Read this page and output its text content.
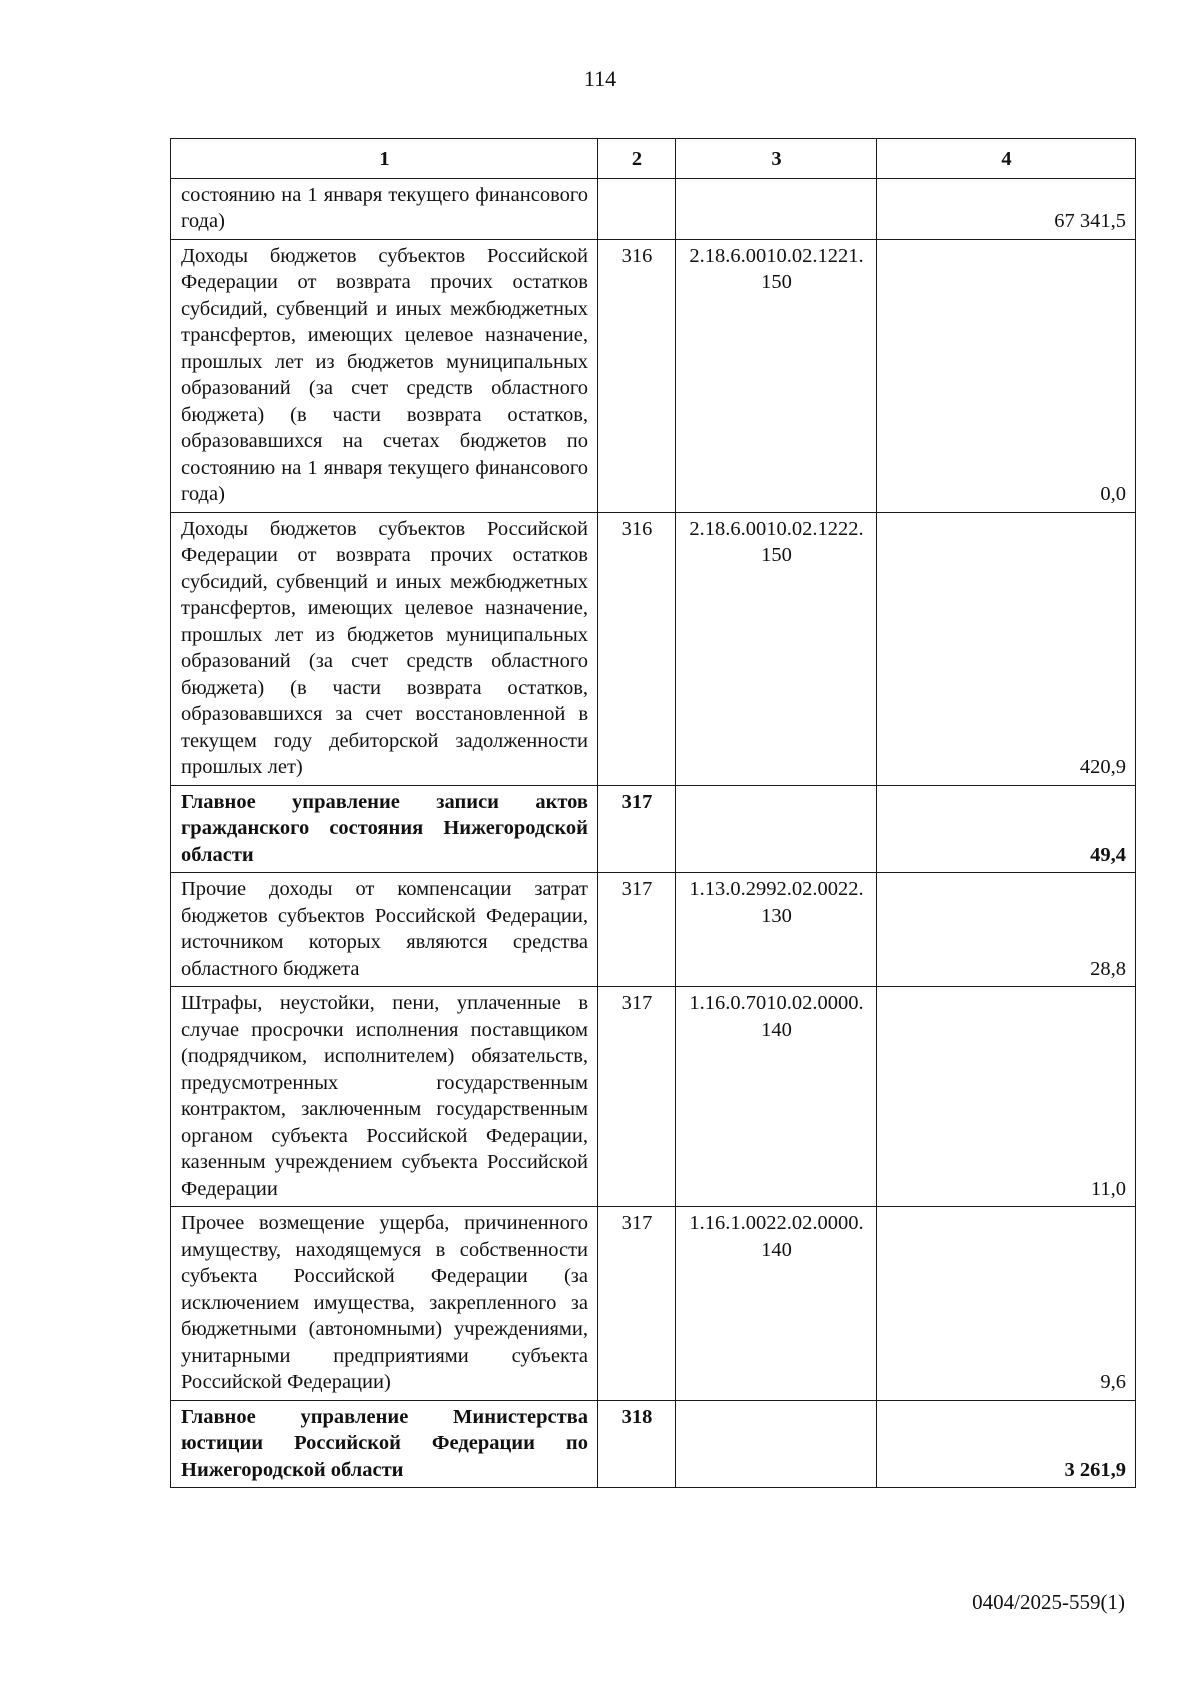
114
1	2	3	4
состоянию на 1 января текущего финансового года)			67 341,5
Доходы бюджетов субъектов Российской Федерации от возврата прочих остатков субсидий, субвенций и иных межбюджетных трансфертов, имеющих целевое назначение, прошлых лет из бюджетов муниципальных образований (за счет средств областного бюджета) (в части возврата остатков, образовавшихся на счетах бюджетов по состоянию на 1 января текущего финансового года)	316	2.18.6.0010.02.1221. 150	0,0
Доходы бюджетов субъектов Российской Федерации от возврата прочих остатков субсидий, субвенций и иных межбюджетных трансфертов, имеющих целевое назначение, прошлых лет из бюджетов муниципальных образований (за счет средств областного бюджета) (в части возврата остатков, образовавшихся за счет восстановленной в текущем году дебиторской задолженности прошлых лет)	316	2.18.6.0010.02.1222. 150	420,9
Главное управление записи актов гражданского состояния Нижегородской области	317		49,4
Прочие доходы от компенсации затрат бюджетов субъектов Российской Федерации, источником которых являются средства областного бюджета	317	1.13.0.2992.02.0022. 130	28,8
Штрафы, неустойки, пени, уплаченные в случае просрочки исполнения поставщиком (подрядчиком, исполнителем) обязательств, предусмотренных государственным контрактом, заключенным государственным органом субъекта Российской Федерации, казенным учреждением субъекта Российской Федерации	317	1.16.0.7010.02.0000. 140	11,0
Прочее возмещение ущерба, причиненного имуществу, находящемуся в собственности субъекта Российской Федерации (за исключением имущества, закрепленного за бюджетными (автономными) учреждениями, унитарными предприятиями субъекта Российской Федерации)	317	1.16.1.0022.02.0000. 140	9,6
Главное управление Министерства юстиции Российской Федерации по Нижегородской области	318		3 261,9
0404/2025-559(1)
